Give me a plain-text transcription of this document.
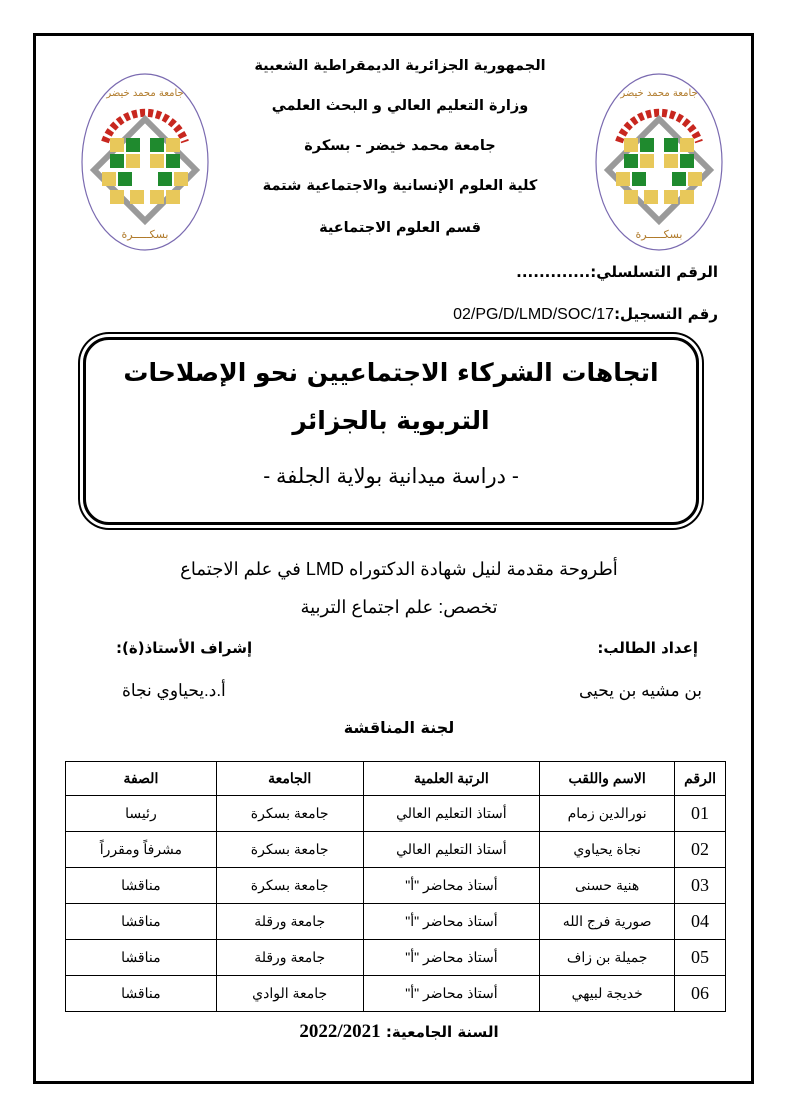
جامعة محمد خيضر
بسكـــــرة
جامعة محمد خيضر
بسكـــــرة
الجمهورية الجزائرية الديمقراطية الشعبية
وزارة التعليم العالي و البحث العلمي
جامعة محمد خيضر - بسكرة
كلية العلوم الإنسانية والاجتماعية شتمة
قسم العلوم الاجتماعية
الرقم التسلسلي:.............
رقم التسجيل:02/PG/D/LMD/SOC/17
اتجاهات الشركاء الاجتماعيين نحو الإصلاحات
التربوية بالجزائر
- دراسة ميدانية بولاية الجلفة -
أطروحة مقدمة لنيل شهادة الدكتوراه LMD في علم الاجتماع
تخصص: علم اجتماع التربية
إعداد الطالب:
إشراف الأستاذ(ة):
بن مشيه بن يحيى
أ.د.يحياوي نجاة
لجنة المناقشة
الرقم	الاسم واللقب	الرتبة العلمية	الجامعة	الصفة
01	نورالدين زمام	أستاذ التعليم العالي	جامعة بسكرة	رئيسا
02	نجاة يحياوي	أستاذ التعليم العالي	جامعة بسكرة	مشرفاً ومقرراً
03	هنية حسنى	أستاذ محاضر "أ"	جامعة بسكرة	مناقشا
04	صورية فرج الله	أستاذ محاضر "أ"	جامعة ورقلة	مناقشا
05	جميلة بن زاف	أستاذ محاضر "أ"	جامعة ورقلة	مناقشا
06	خديجة لبيهي	أستاذ محاضر "أ"	جامعة الوادي	مناقشا
السنة الجامعية: 2022/2021
